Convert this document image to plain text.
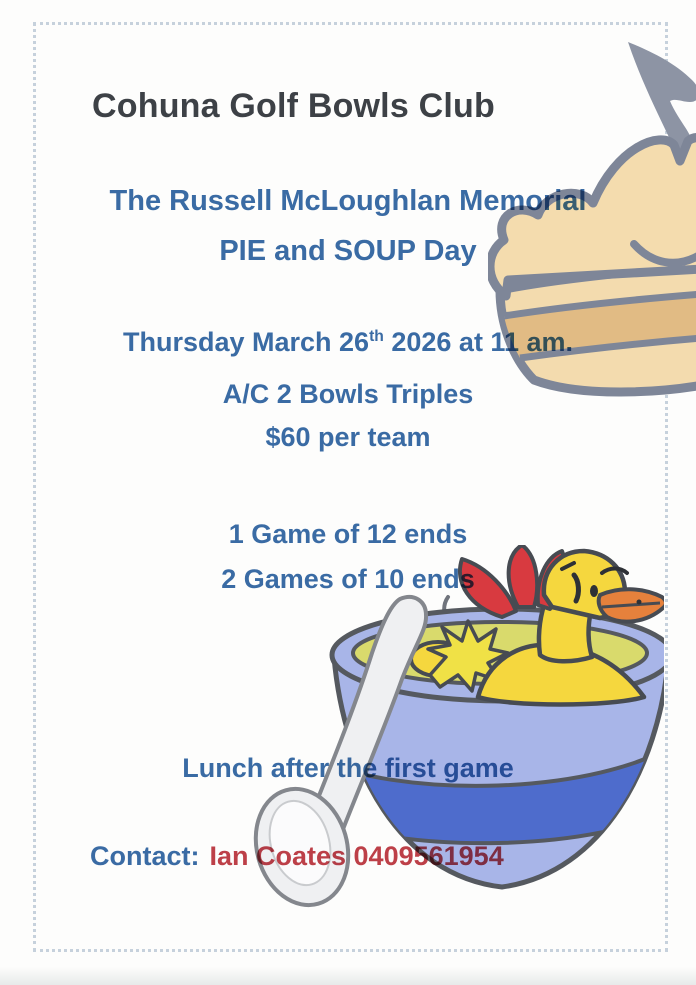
Cohuna Golf Bowls Club
The Russell McLoughlan Memorial
PIE and SOUP Day
Thursday March 26th 2026 at 11 am.
A/C 2 Bowls Triples
$60 per team
1 Game of 12 ends
2 Games of 10 ends
Lunch after the first game
Contact: Ian Coates 0409561954
